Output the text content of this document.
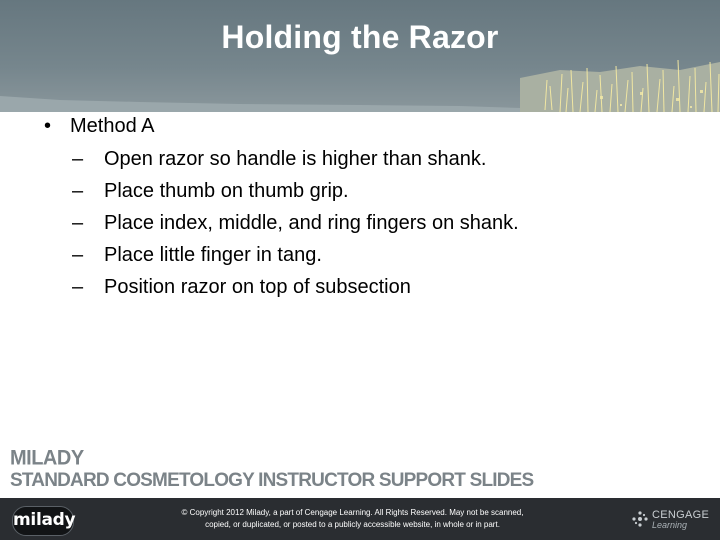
Holding the Razor
• Method A
–	Open razor so handle is higher than shank.
–	Place thumb on thumb grip.
–	Place index, middle, and ring fingers on shank.
–	Place little finger in tang.
–	Position razor on top of subsection
MILADY
STANDARD COSMETOLOGY INSTRUCTOR SUPPORT SLIDES
milady	© Copyright 2012 Milady, a part of Cengage Learning. All Rights Reserved. May not be scanned,
copied, or duplicated, or posted to a publicly accessible website, in whole or in part.
CENGAGE
Learning
